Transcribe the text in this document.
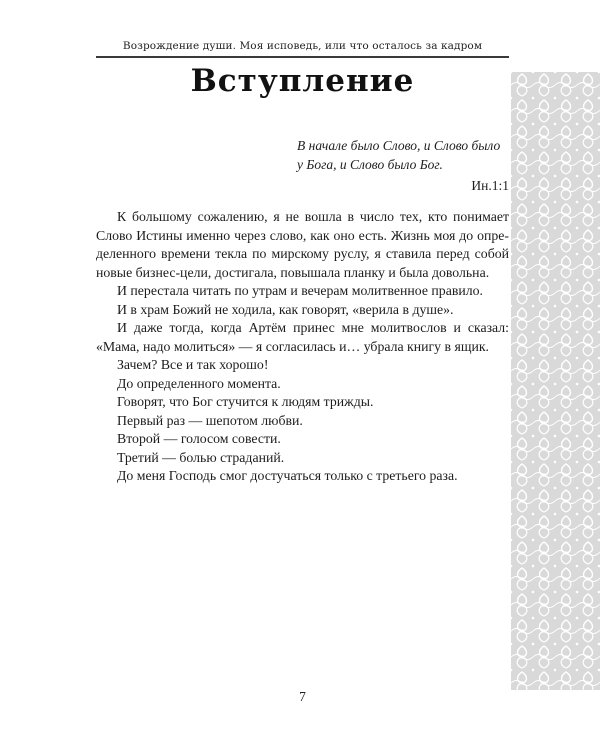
Возрождение души. Моя исповедь, или что осталось за кадром
Вступление
В начале было Слово, и Слово было
у Бога, и Слово было Бог.
Ин.1:1

К большому сожалению, я не вошла в число тех, кто понимает

Слово Истины именно через слово, как оно есть. Жизнь моя до опре-

деленного времени текла по мирскому руслу, я ставила перед собой

новые бизнес-цели, достигала, повышала планку и была довольна.

И перестала читать по утрам и вечерам молитвенное правило.

И в храм Божий не ходила, как говорят, «верила в душе».

И даже тогда, когда Артём принес мне молитвослов и сказал:

«Мама, надо молиться» — я согласилась и… убрала книгу в ящик.

Зачем? Все и так хорошо!

До определенного момента.

Говорят, что Бог стучится к людям трижды.

Первый раз — шепотом любви.

Второй — голосом совести.

Третий — болью страданий.

До меня Господь смог достучаться только с третьего раза.

7
